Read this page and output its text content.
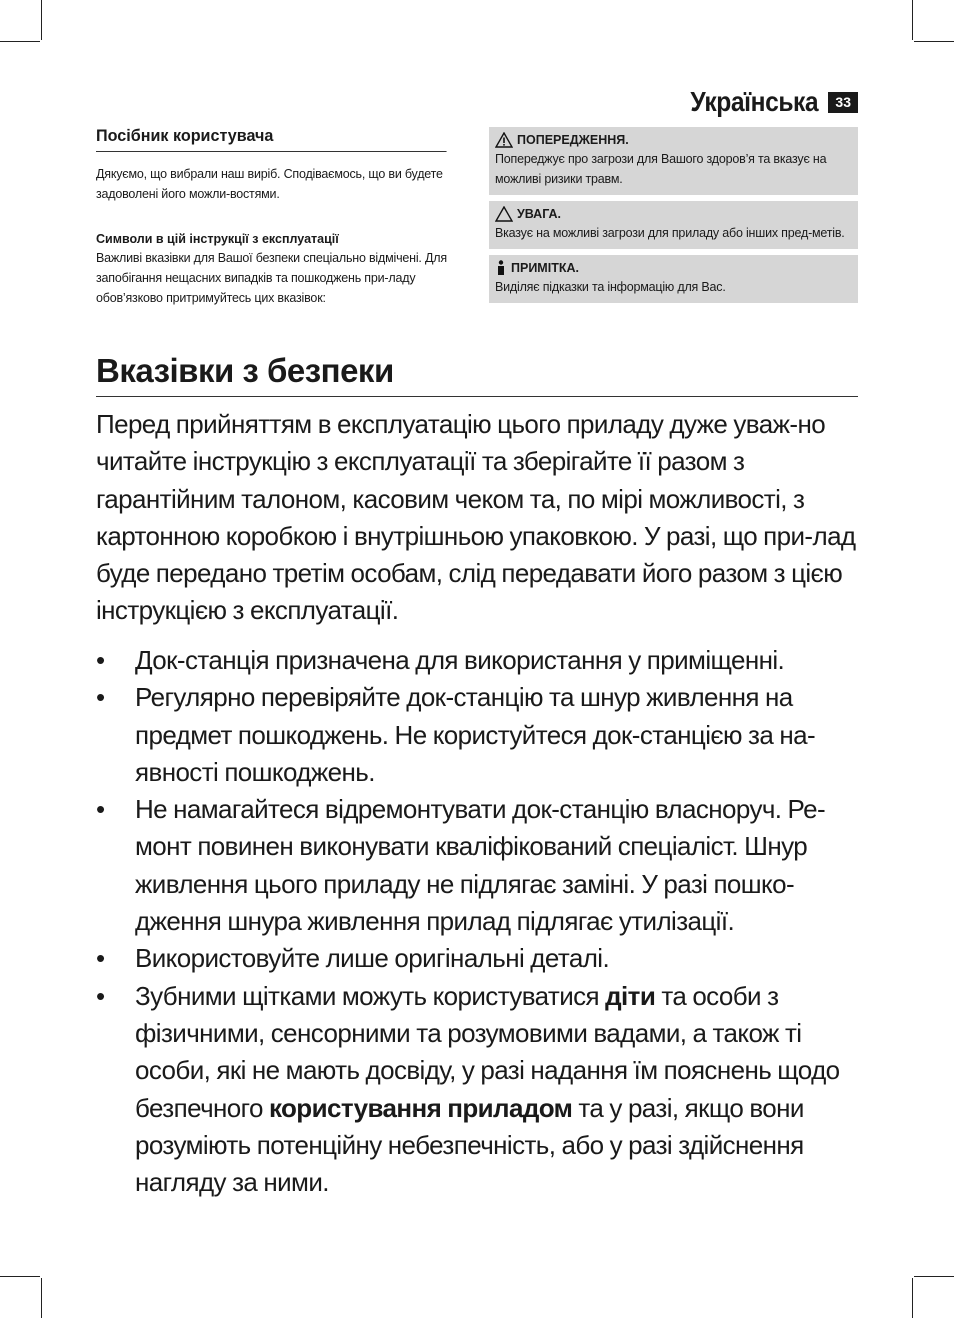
Українська	33
Посібник користувача

Дякуємо, що вибрали наш виріб. Сподіваємось, що ви будете задоволені його можли-востями.

Символи в цій інструкції з експлуатації

Важливі вказівки для Вашої безпеки спеціально відмічені. Для запобігання нещасних випадків та пошкоджень при-ладу обов’язково притримуйтесь цих вказівок:

ПОПЕРЕДЖЕННЯ.

Попереджує про загрози для Вашого здоров’я та вказує на можливі ризики травм.

УВАГА.

Вказує на можливі загрози для приладу або інших пред-метів.

ПРИМІТКА.

Виділяє підказки та інформацію для Вас.

Вказівки з безпеки

Перед прийняттям в експлуатацію цього приладу дуже уваж-но читайте інструкцію з експлуатації та зберігайте її разом з гарантійним талоном, касовим чеком та, по мірі можливості, з картонною коробкою і внутрішньою упаковкою. У разі, що при-лад буде передано третім особам, слід передавати його разом з цією інструкцією з експлуатації.

• Док-станція призначена для використання у приміщенні.
• Регулярно перевіряйте док-станцію та шнур живлення на предмет пошкоджень. Не користуйтеся док-станцією за на-явності пошкоджень.
• Не намагайтеся відремонтувати док-станцію власноруч. Ре-монт повинен виконувати кваліфікований спеціаліст. Шнур живлення цього приладу не підлягає заміні. У разі пошко-дження шнура живлення прилад підлягає утилізації.
• Використовуйте лише оригінальні деталі.
• Зубними щітками можуть користуватися діти та особи з фізичними, сенсорними та розумовими вадами, а також ті особи, які не мають досвіду, у разі надання їм пояснень щодо безпечного користування приладом та у разі, якщо вони розуміють потенційну небезпечність, або у разі здійснення нагляду за ними.
